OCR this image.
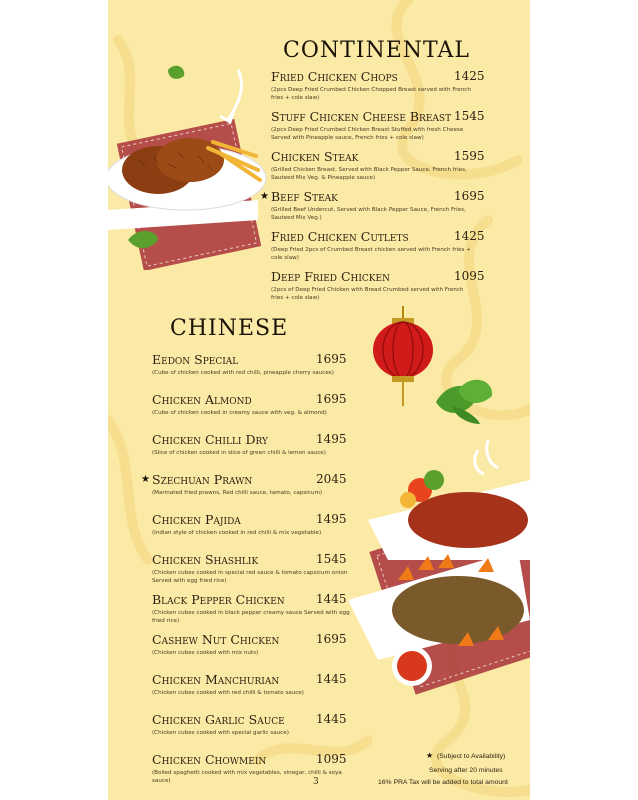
CONTINENTAL
Fried Chicken Chops
(2pcs Deep Fried Crumbed Chicken Chopped Breast served with French fries + cole slaw)
1425
Stuff Chicken Cheese Breast
(2pcs Deep Fried Crumbed Chicken Breast Stuffed with fresh Cheese Served with Pineapple sauce, French fries + cole slaw)
1545
Chicken Steak
(Grilled Chicken Breast, Served with Black Pepper Sauce, French fries, Sauteed Mix Veg. & Pineapple sauce)
1595
Beef Steak
(Grilled Beef Undercut, Served with Black Pepper Sauce, French Fries, Sauteed Mix Veg.)
1695
★
Fried Chicken Cutlets
(Deep Fried 2pcs of Crumbed Breast chicken served with French fries + cole slaw)
1425
Deep Fried Chicken
(2pcs of Deep Fried Chicken with Bread Crumbed served with French fries + cole slaw)
1095
CHINESE
Eedon Special
(Cube of chicken cooked with red chilli, pineapple cherry sauces)
1695
Chicken Almond
(Cube of chicken cooked in creamy sauce with veg. & almond)
1695
Chicken Chilli Dry
(Slice of chicken cooked in slice of green chilli & lemon sauce)
1495
Szechuan Prawn
(Marinated fried prawns, Red chilli sauce, tamato, capsicum)
2045
★
Chicken Pajida
(Indian style of chicken cooked in red chilli & mix vegetable)
1495
Chicken Shashlik
(Chicken cubes cooked in special red sauce & tomato capsicum onion Served with egg fried rice)
1545
Black Pepper Chicken
(Chicken cubes cooked in black pepper creamy sauce Served with egg fried rice)
1445
Cashew Nut Chicken
(Chicken cubes cooked with mix nuts)
1695
Chicken Manchurian
(Chicken cubes cooked with red chilli & tomato sauce)
1445
Chicken Garlic Sauce
(Chicken cubes cooked with special garlic sauce)
1445
Chicken Chowmein
(Boiled spaghetti cooked with mix vegetables, vinegar, chilli & soya sauce)
1095	★ (Subject to Availability)
Serving after 20 minutes
16% PRA Tax will be added to total amount
3
